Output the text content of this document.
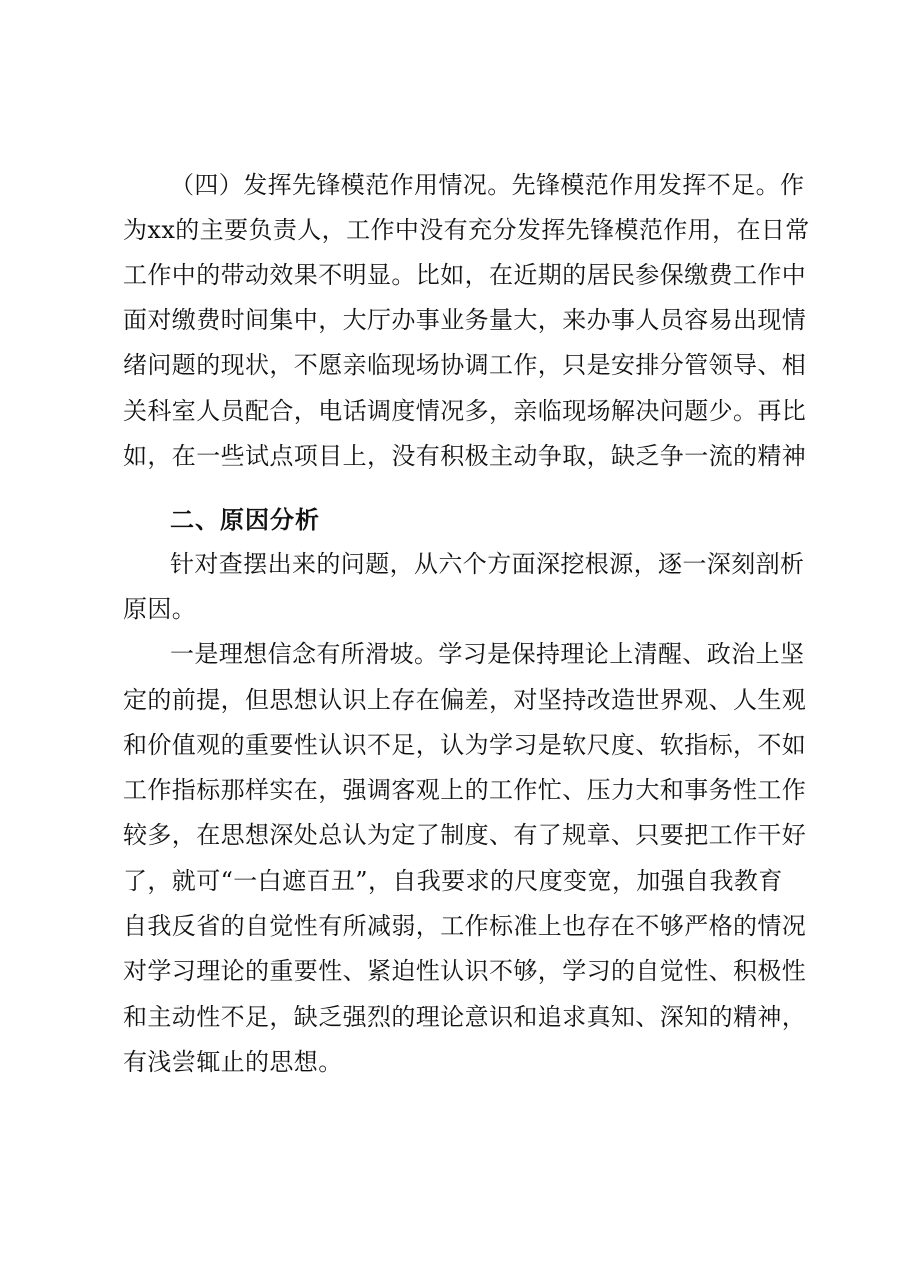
（四）发挥先锋模范作用情况。先锋模范作用发挥不足。作
为xx的主要负责人，工作中没有充分发挥先锋模范作用，在日常
工作中的带动效果不明显。比如，在近期的居民参保缴费工作中
面对缴费时间集中，大厅办事业务量大，来办事人员容易出现情
绪问题的现状，不愿亲临现场协调工作，只是安排分管领导、相
关科室人员配合，电话调度情况多，亲临现场解决问题少。再比
如，在一些试点项目上，没有积极主动争取，缺乏争一流的精神
二、原因分析
针对查摆出来的问题，从六个方面深挖根源，逐一深刻剖析
原因。
一是理想信念有所滑坡。学习是保持理论上清醒、政治上坚
定的前提，但思想认识上存在偏差，对坚持改造世界观、人生观
和价值观的重要性认识不足，认为学习是软尺度、软指标，不如
工作指标那样实在，强调客观上的工作忙、压力大和事务性工作
较多，在思想深处总认为定了制度、有了规章、只要把工作干好
了，就可“一白遮百丑”，自我要求的尺度变宽，加强自我教育
自我反省的自觉性有所减弱，工作标准上也存在不够严格的情况
对学习理论的重要性、紧迫性认识不够，学习的自觉性、积极性
和主动性不足，缺乏强烈的理论意识和追求真知、深知的精神，
有浅尝辄止的思想。
